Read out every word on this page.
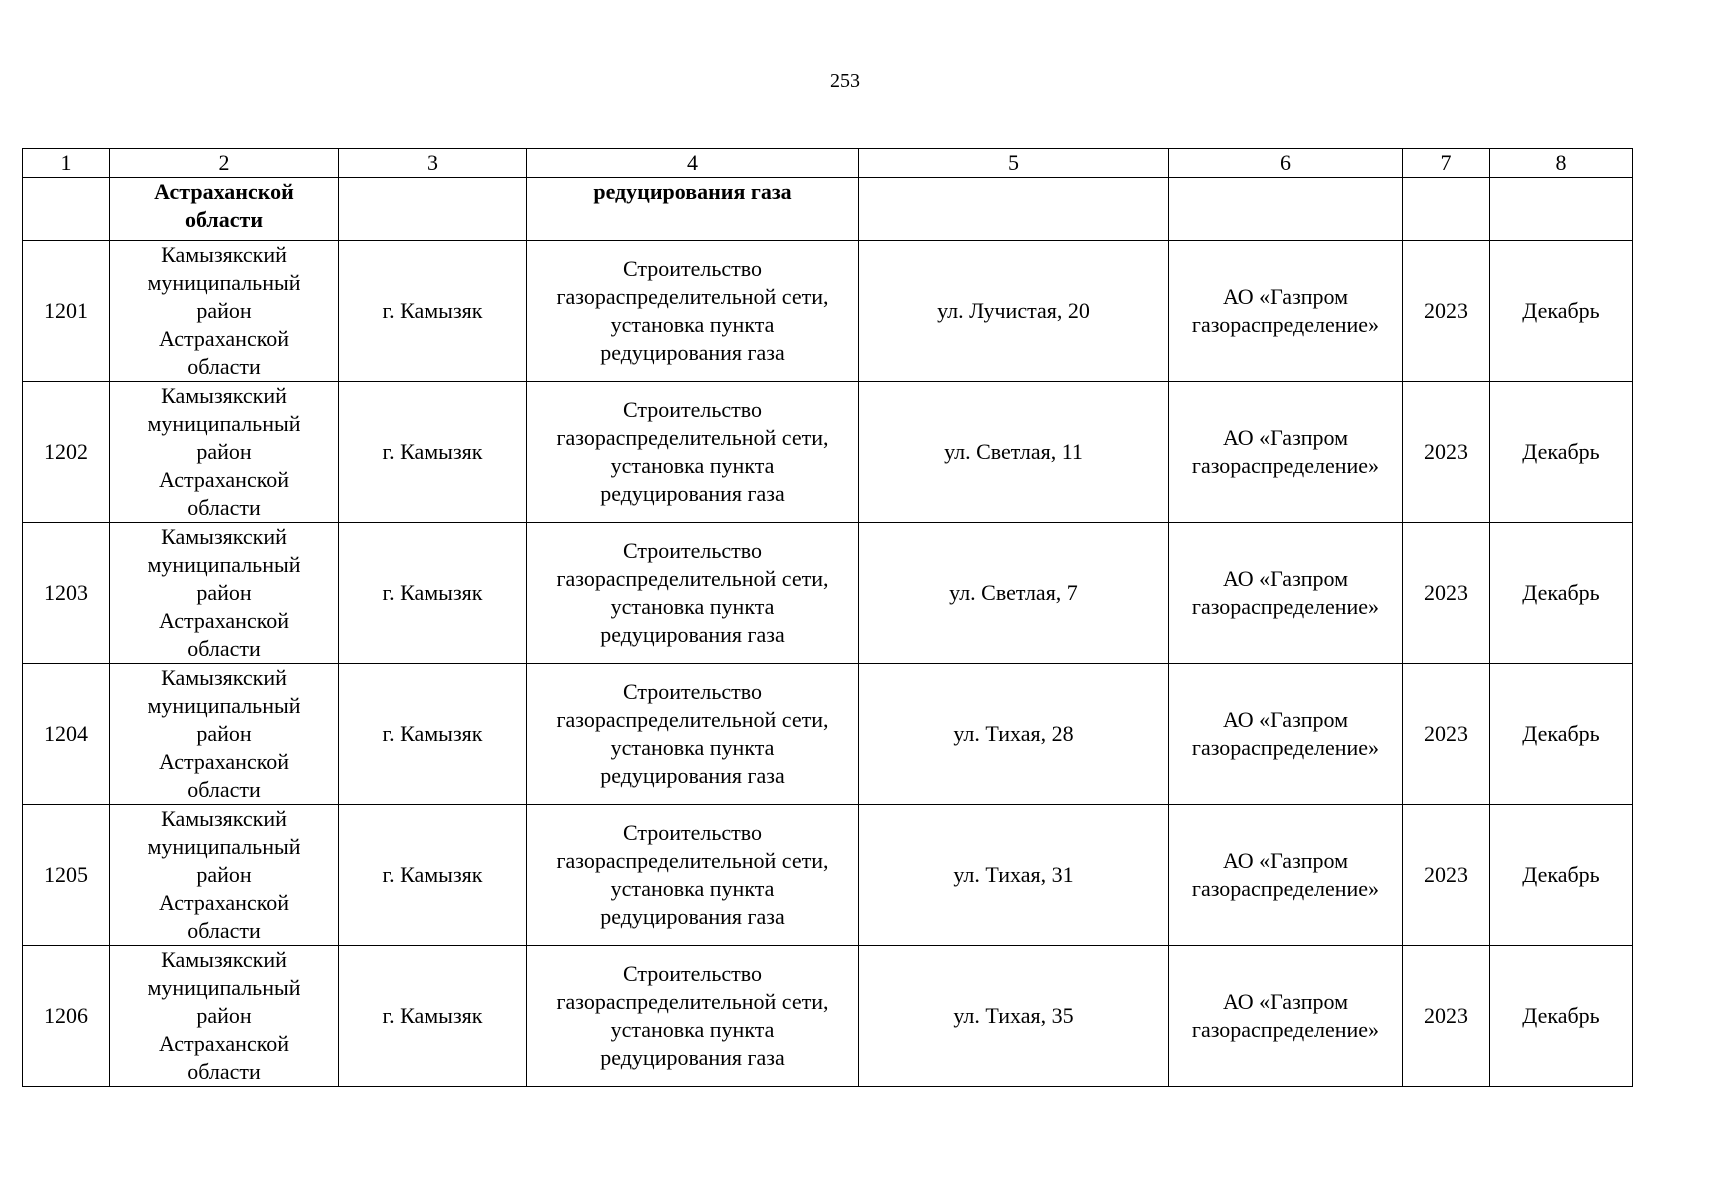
253
1	2	3	4	5	6	7	8

	Астраханской
области		редуцирования газа				

1201	Камызякский
муниципальный
район
Астраханской
области	г. Камызяк	Строительство
газораспределительной сети,
установка пункта
редуцирования газа	ул. Лучистая, 20	АО «Газпром
газораспределение»	2023	Декабрь
1202	Камызякский
муниципальный
район
Астраханской
области	г. Камызяк	Строительство
газораспределительной сети,
установка пункта
редуцирования газа	ул. Светлая, 11	АО «Газпром
газораспределение»	2023	Декабрь
1203	Камызякский
муниципальный
район
Астраханской
области	г. Камызяк	Строительство
газораспределительной сети,
установка пункта
редуцирования газа	ул. Светлая, 7	АО «Газпром
газораспределение»	2023	Декабрь
1204	Камызякский
муниципальный
район
Астраханской
области	г. Камызяк	Строительство
газораспределительной сети,
установка пункта
редуцирования газа	ул. Тихая, 28	АО «Газпром
газораспределение»	2023	Декабрь
1205	Камызякский
муниципальный
район
Астраханской
области	г. Камызяк	Строительство
газораспределительной сети,
установка пункта
редуцирования газа	ул. Тихая, 31	АО «Газпром
газораспределение»	2023	Декабрь
1206	Камызякский
муниципальный
район
Астраханской
области	г. Камызяк	Строительство
газораспределительной сети,
установка пункта
редуцирования газа	ул. Тихая, 35	АО «Газпром
газораспределение»	2023	Декабрь
